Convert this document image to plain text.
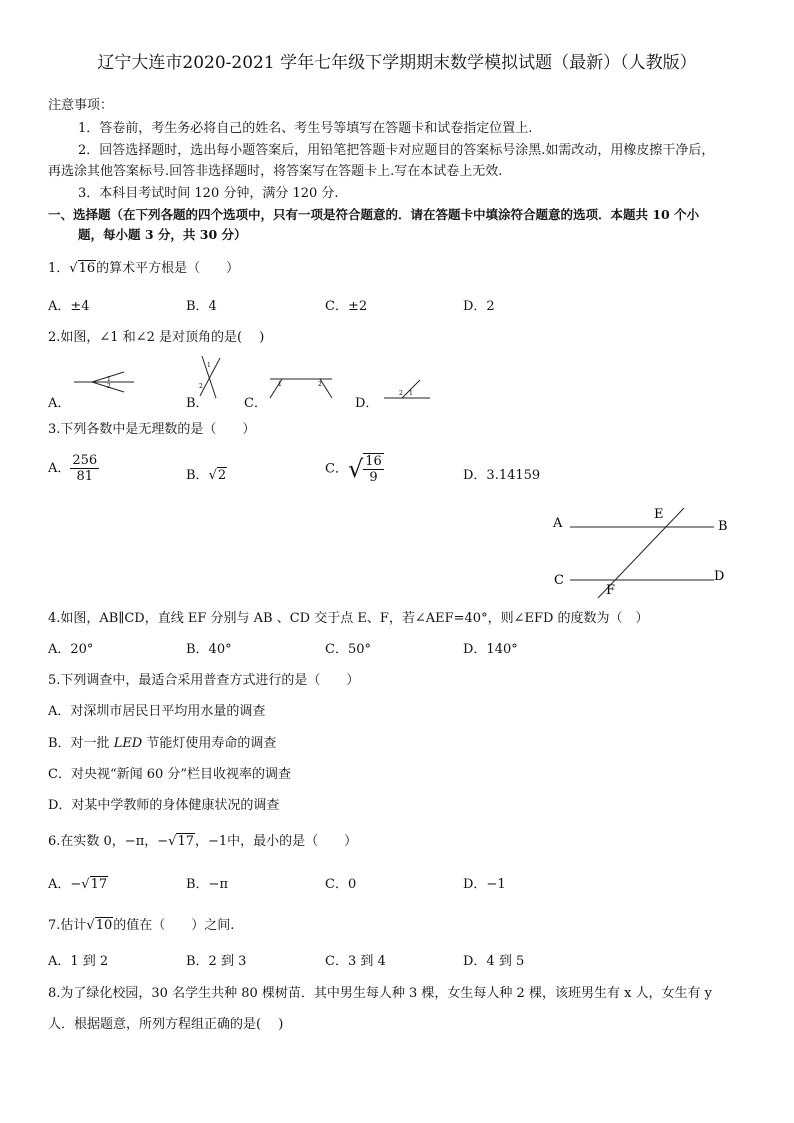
辽宁大连市2020-2021 学年七年级下学期期末数学模拟试题（最新）（人教版）
注意事项：
1．答卷前，考生务必将自己的姓名、考生号等填写在答题卡和试卷指定位置上.
2．回答选择题时，选出每小题答案后，用铅笔把答题卡对应题目的答案标号涂黑.如需改动，用橡皮擦干净后，
再选涂其他答案标号.回答非选择题时，将答案写在答题卡上.写在本试卷上无效.
3．本科目考试时间 120 分钟，满分 120 分.
一、选择题（在下列各题的四个选项中，只有一项是符合题意的．请在答题卡中填涂符合题意的选项．本题共 10 个小
题，每小题 3 分，共 30 分）
1．√16的算术平方根是（　　）
A．±4	B．4	C．±2	D．2
2.如图，∠1 和∠2 是对顶角的是(　 )
A．
1
2
B．
1
2
C．
1	2
D．
2 1
3.下列各数中是无理数的是（　　）
A． $\frac{256}{81}$	B．√2	C．√ $\frac{16}{9}$	D．3.14159
A	B
C	D
E
F
4.如图，AB∥CD，直线 EF 分别与 AB 、CD 交于点 E、F，若∠AEF=40°，则∠EFD 的度数为（　）
A．20°	B．40°	C．50°	D．140°
5.下列调查中，最适合采用普查方式进行的是（　　）
A．对深圳市居民日平均用水量的调查
B．对一批 LED 节能灯使用寿命的调查
C．对央视“新闻 60 分”栏目收视率的调查
D．对某中学教师的身体健康状况的调查
6.在实数 0，−π，−√17，−1中，最小的是（　　）
A．−√17	B．−π	C．0	D．−1
7.估计√10的值在（　　）之间.
A．1 到 2	B．2 到 3	C．3 到 4	D．4 到 5
8.为了绿化校园，30 名学生共种 80 棵树苗．其中男生每人种 3 棵，女生每人种 2 棵，该班男生有 x 人，女生有 y
人．根据题意，所列方程组正确的是(　 )
